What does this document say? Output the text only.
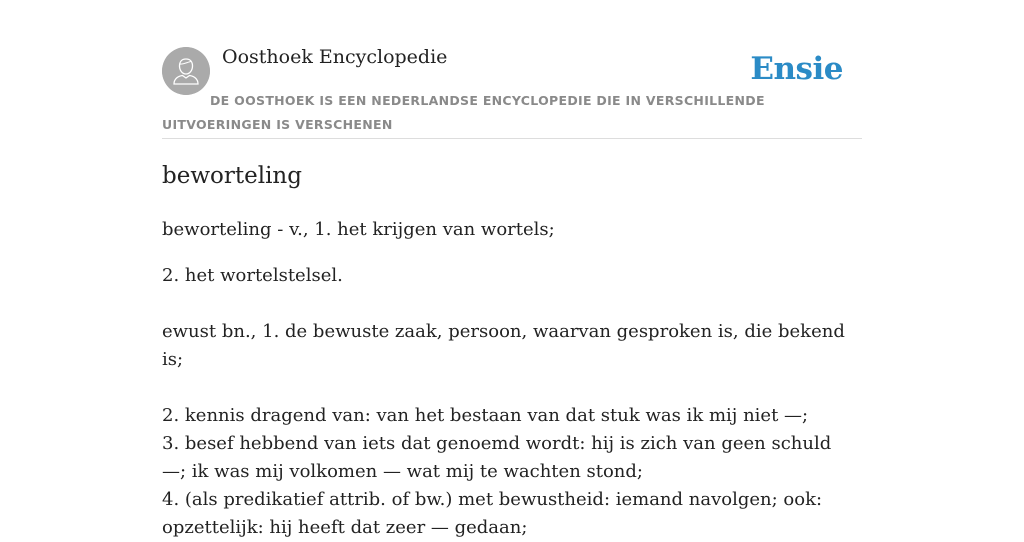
Oosthoek Encyclopedie	Ensie
DE OOSTHOEK IS EEN NEDERLANDSE ENCYCLOPEDIE DIE IN VERSCHILLENDE UITVOERINGEN IS VERSCHENEN
beworteling

beworteling - v., 1. het krijgen van wortels;

2. het wortelstelsel.

ewust bn., 1. de bewuste zaak, persoon, waarvan gesproken is, die bekend is;

2. kennis dragend van: van het bestaan van dat stuk was ik mij niet —;

3. besef hebbend van iets dat genoemd wordt: hij is zich van geen schuld —; ik was mij volkomen — wat mij te wachten stond;

4. (als predikatief attrib. of bw.) met bewustheid: iemand navolgen; ook: opzettelijk: hij heeft dat zeer — gedaan;
